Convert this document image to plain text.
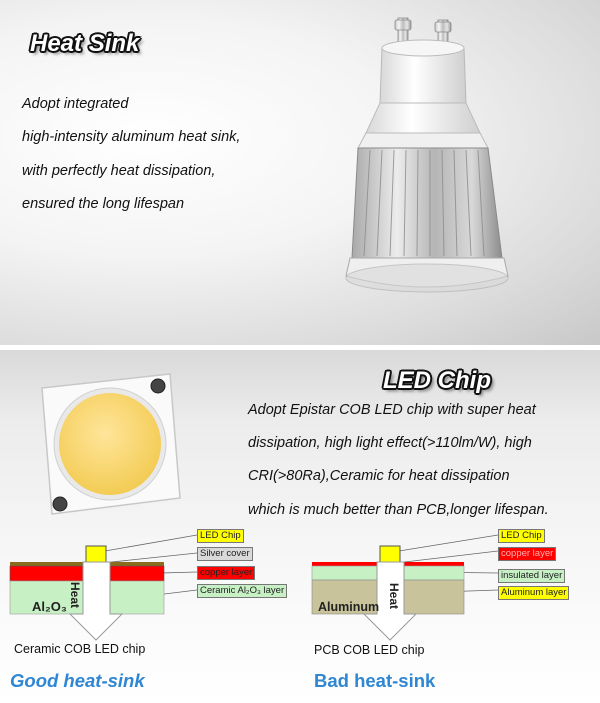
Heat Sink
Adopt integrated
high-intensity aluminum heat sink,
with perfectly heat dissipation,
ensured the long lifespan
LED Chip
Adopt Epistar COB LED chip with super heat
dissipation, high light effect(>110lm/W), high
CRI(>80Ra),Ceramic for heat dissipation
which is much better than PCB,longer lifespan.
LED Chip
Silver cover
copper layer
Ceramic Al₂O₃ layer
Al₂O₃ Heat
Ceramic COB LED chip
Good heat-sink
LED Chip
copper layer
insulated layer
Aluminum layer
Aluminum Heat
PCB COB LED chip
Bad heat-sink
